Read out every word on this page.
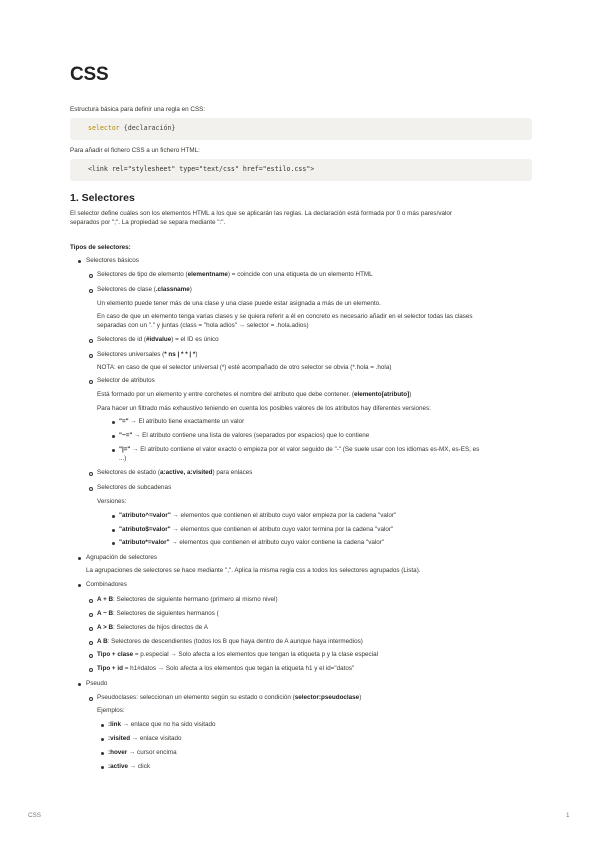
CSS
Estructura básica para definir una regla en CSS:
selector {declaración}
Para añadir el fichero CSS a un fichero HTML:
<link rel="stylesheet" type="text/css" href="estilo.css">
1. Selectores
El selector define cuáles son los elementos HTML a los que se aplicarán las reglas. La declaración está formada por 0 o más pares/valor
separados por ";". La propiedad se separa mediante ":".
Tipos de selectores:
Selectores básicos
Selectores de tipo de elemento (elementname) = coincide con una etiqueta de un elemento HTML
Selectores de clase (.classname)
Un elemento puede tener más de una clase y una clase puede estar asignada a más de un elemento.
En caso de que un elemento tenga varias clases y se quiera referir a él en concreto es necesario añadir en el selector todas las clases
separadas con un "." y juntas (class = "hola adios" → selector = .hola.adios)
Selectores de id (#idvalue) = el ID es único
Selectores universales (* ns | * * | *)
NOTA: en caso de que el selector universal (*) esté acompañado de otro selector se obvia (*.hola = .hola)
Selector de atributos
Está formado por un elemento y entre corchetes el nombre del atributo que debe contener. (elemento[atributo])
Para hacer un filtrado más exhaustivo teniendo en cuenta los posibles valores de los atributos hay diferentes versiones:
"=" → El atributo tiene exactamente un valor
"~=" → El atributo contiene una lista de valores (separados por espacios) que lo contiene
"|=" → El atributo contiene el valor exacto o empieza por el valor seguido de "-" (Se suele usar con los idiomas es-MX, es-ES, es
...)
Selectores de estado (a:active, a:visited) para enlaces
Selectores de subcadenas
Versiones:
"atributo^=valor" → elementos que contienen el atributo cuyo valor empieza por la cadena "valor"
"atributo$=valor" → elementos que contienen el atributo cuyo valor termina por la cadena "valor"
"atributo*=valor" → elementos que contienen el atributo cuyo valor contiene la cadena "valor"
Agrupación de selectores
La agrupaciones de selectores se hace mediante ",". Aplica la misma regla css a todos los selectores agrupados (Lista).
Combinadores
A + B: Selectores de siguiente hermano (primero al mismo nivel)
A ~ B: Selectores de siguientes hermanos (
A > B: Selectores de hijos directos de A
A B: Selectores de descendientes (todos los B que haya dentro de A aunque haya intermedios)
Tipo + clase = p.especial → Solo afecta a los elementos que tengan la etiqueta p y la clase especial
Tipo + id = h1#datos → Solo afecta a los elementos que tegan la etiqueta h1 y el id="datos"
Pseudo
Pseudoclases: seleccionan un elemento según su estado o condición (selector:pseudoclase)
Ejemplos:
:link → enlace que no ha sido visitado
:visited → enlace visitado
:hover → cursor encima
:active → click
CSS	1
